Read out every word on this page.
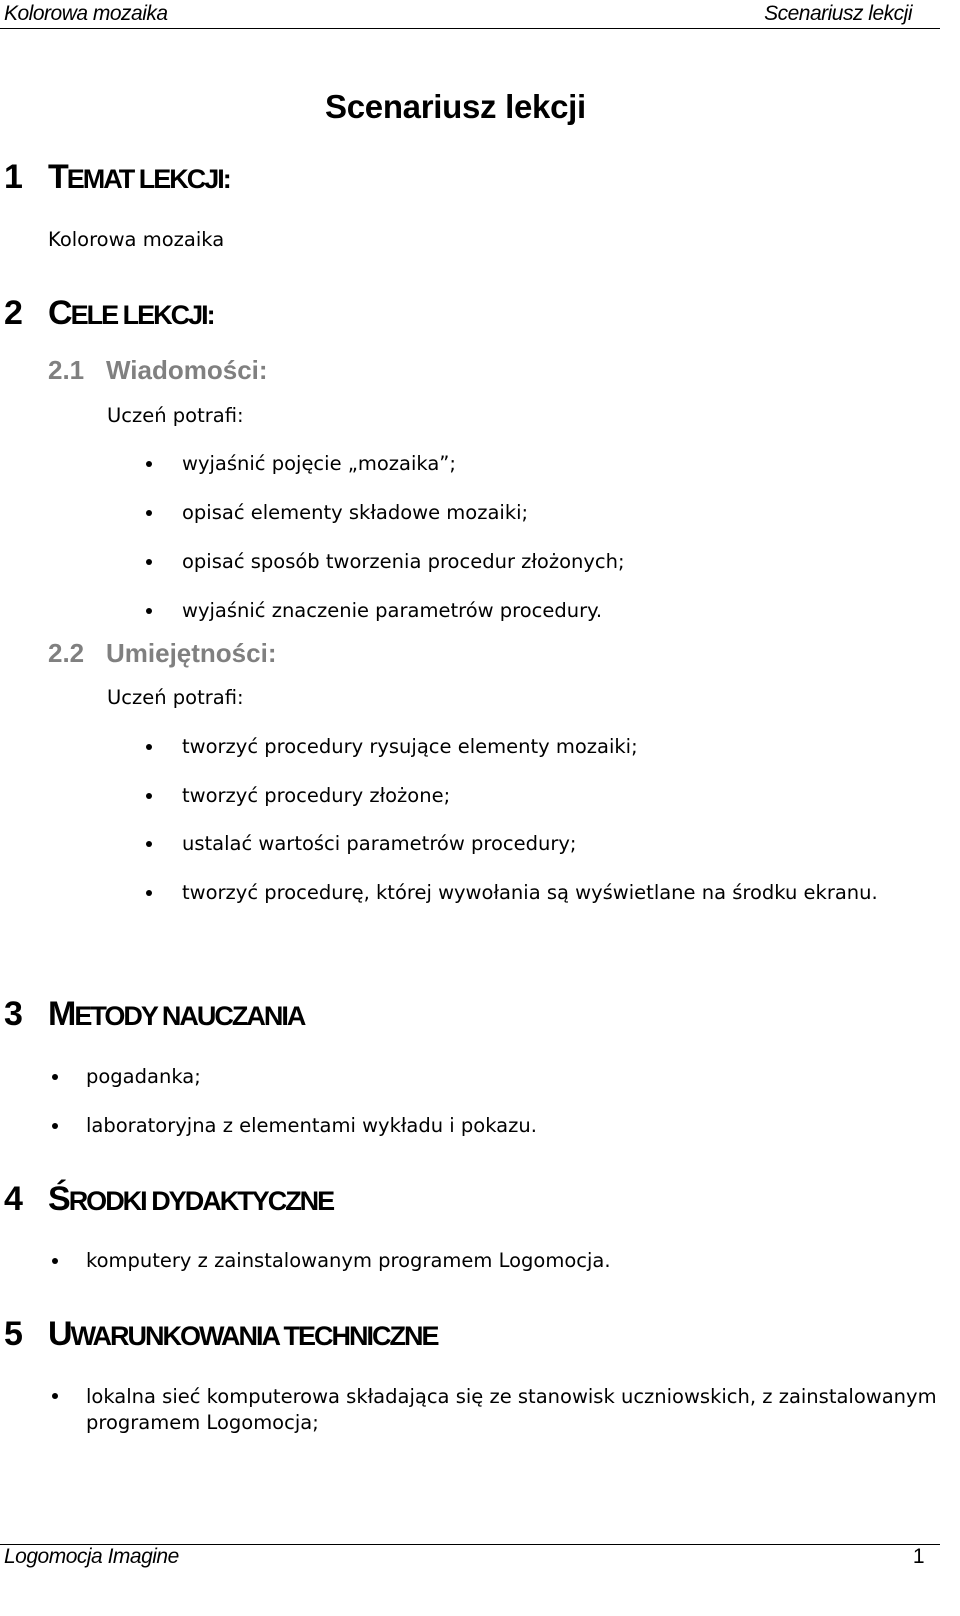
Kolorowa mozaika	Scenariusz lekcji
Scenariusz lekcji
1 TEMAT LEKCJI:
Kolorowa mozaika
2 CELE LEKCJI:
2.1 Wiadomości:
Uczeń potrafi:
wyjaśnić pojęcie „mozaika”;
opisać elementy składowe mozaiki;
opisać sposób tworzenia procedur złożonych;
wyjaśnić znaczenie parametrów procedury.
2.2 Umiejętności:
Uczeń potrafi:
tworzyć procedury rysujące elementy mozaiki;
tworzyć procedury złożone;
ustalać wartości parametrów procedury;
tworzyć procedurę, której wywołania są wyświetlane na środku ekranu.
3 METODY NAUCZANIA
pogadanka;
laboratoryjna z elementami wykładu i pokazu.
4 ŚRODKI DYDAKTYCZNE
komputery z zainstalowanym programem Logomocja.
5 UWARUNKOWANIA TECHNICZNE
lokalna sieć komputerowa składająca się ze stanowisk uczniowskich, z zainstalowanym programem Logomocja;
Logomocja Imagine	1
